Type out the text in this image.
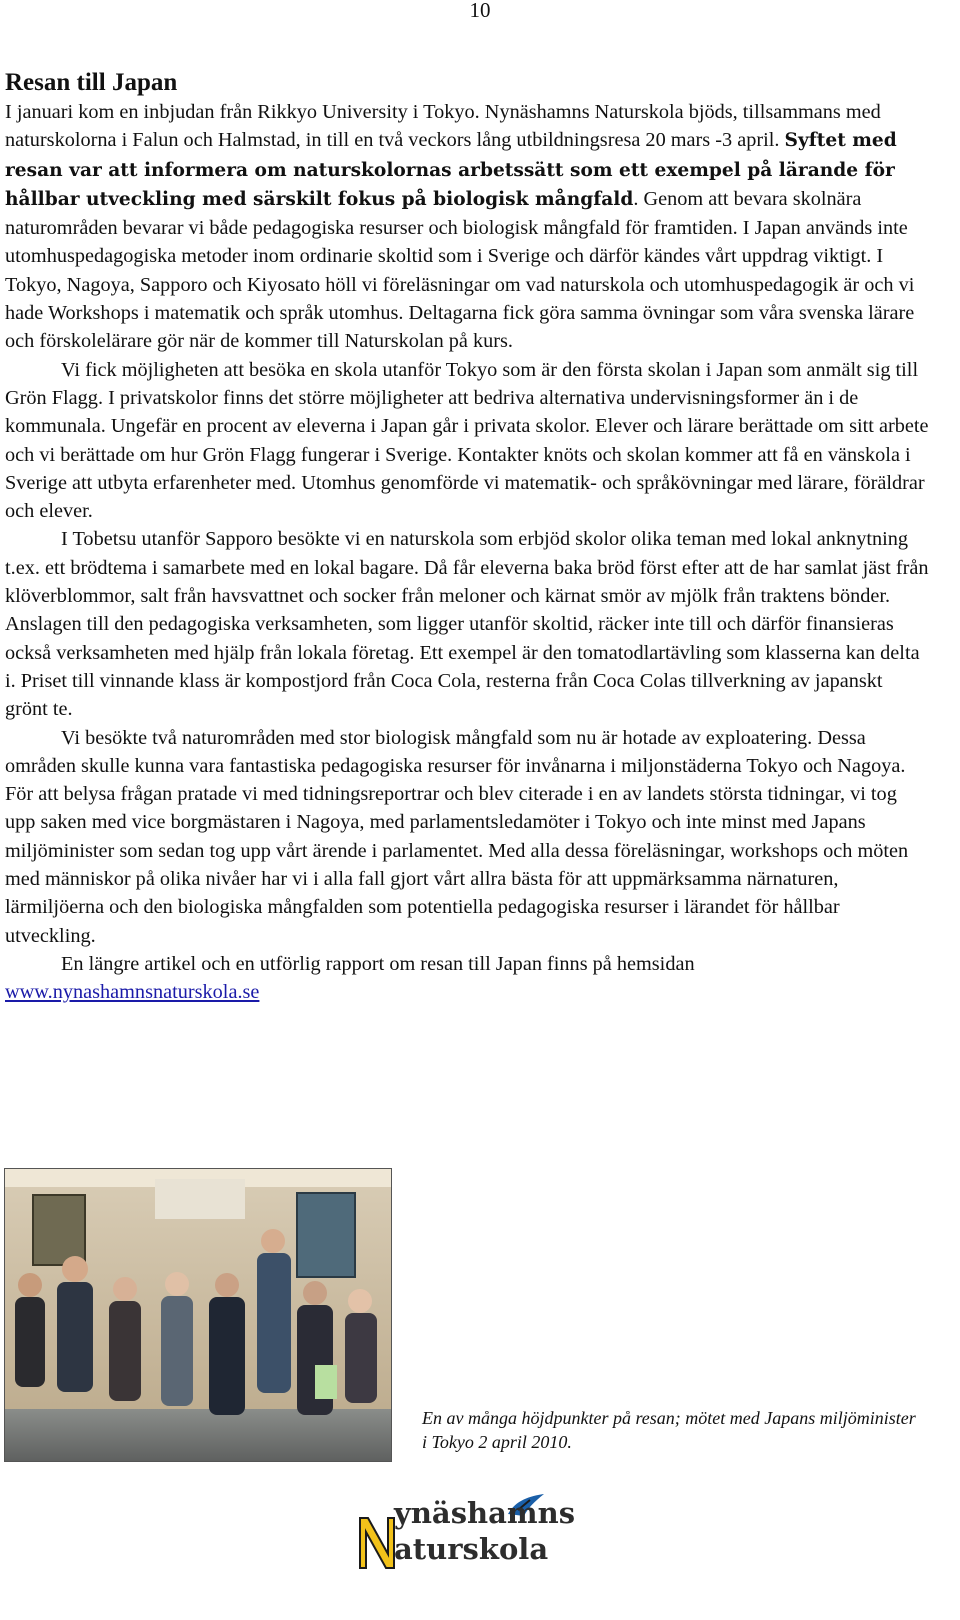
10
Resan till Japan

I januari kom en inbjudan från Rikkyo University i Tokyo. Nynäshamns Naturskola bjöds, tillsammans med naturskolorna i Falun och Halmstad, in till en två veckors lång utbildningsresa 20 mars -3 april. Syftet med resan var att informera om naturskolornas arbetssätt som ett exempel på lärande för hållbar utveckling med särskilt fokus på biologisk mångfald. Genom att bevara skolnära naturområden bevarar vi både pedagogiska resurser och biologisk mångfald för framtiden. I Japan används inte utomhuspedagogiska metoder inom ordinarie skoltid som i Sverige och därför kändes vårt uppdrag viktigt. I Tokyo, Nagoya, Sapporo och Kiyosato höll vi föreläsningar om vad naturskola och utomhuspedagogik är och vi hade Workshops i matematik och språk utomhus. Deltagarna fick göra samma övningar som våra svenska lärare och förskolelärare gör när de kommer till Naturskolan på kurs.

Vi fick möjligheten att besöka en skola utanför Tokyo som är den första skolan i Japan som anmält sig till Grön Flagg. I privatskolor finns det större möjligheter att bedriva alternativa undervisningsformer än i de kommunala. Ungefär en procent av eleverna i Japan går i privata skolor. Elever och lärare berättade om sitt arbete och vi berättade om hur Grön Flagg fungerar i Sverige. Kontakter knöts och skolan kommer att få en vänskola i Sverige att utbyta erfarenheter med. Utomhus genomförde vi matematik- och språkövningar med lärare, föräldrar och elever.

I Tobetsu utanför Sapporo besökte vi en naturskola som erbjöd skolor olika teman med lokal anknytning t.ex. ett brödtema i samarbete med en lokal bagare. Då får eleverna baka bröd först efter att de har samlat jäst från klöverblommor, salt från havsvattnet och socker från meloner och kärnat smör av mjölk från traktens bönder. Anslagen till den pedagogiska verksamheten, som ligger utanför skoltid, räcker inte till och därför finansieras också verksamheten med hjälp från lokala företag. Ett exempel är den tomatodlartävling som klasserna kan delta i. Priset till vinnande klass är kompostjord från Coca Cola, resterna från Coca Colas tillverkning av japanskt grönt te.

Vi besökte två naturområden med stor biologisk mångfald som nu är hotade av exploatering. Dessa områden skulle kunna vara fantastiska pedagogiska resurser för invånarna i miljonstäderna Tokyo och Nagoya. För att belysa frågan pratade vi med tidningsreportrar och blev citerade i en av landets största tidningar, vi tog upp saken med vice borgmästaren i Nagoya, med parlamentsledamöter i Tokyo och inte minst med Japans miljöminister som sedan tog upp vårt ärende i parlamentet. Med alla dessa föreläsningar, workshops och möten med människor på olika nivåer har vi i alla fall gjort vårt allra bästa för att uppmärksamma närnaturen, lärmiljöerna och den biologiska mångfalden som potentiella pedagogiska resurser i lärandet för hållbar utveckling.

En längre artikel och en utförlig rapport om resan till Japan finns på hemsidan

www.nynashamnsnaturskola.se

En av många höjdpunkter på resan; mötet med Japans miljöminister i Tokyo 2 april 2010.
ynäshamns
aturskola
